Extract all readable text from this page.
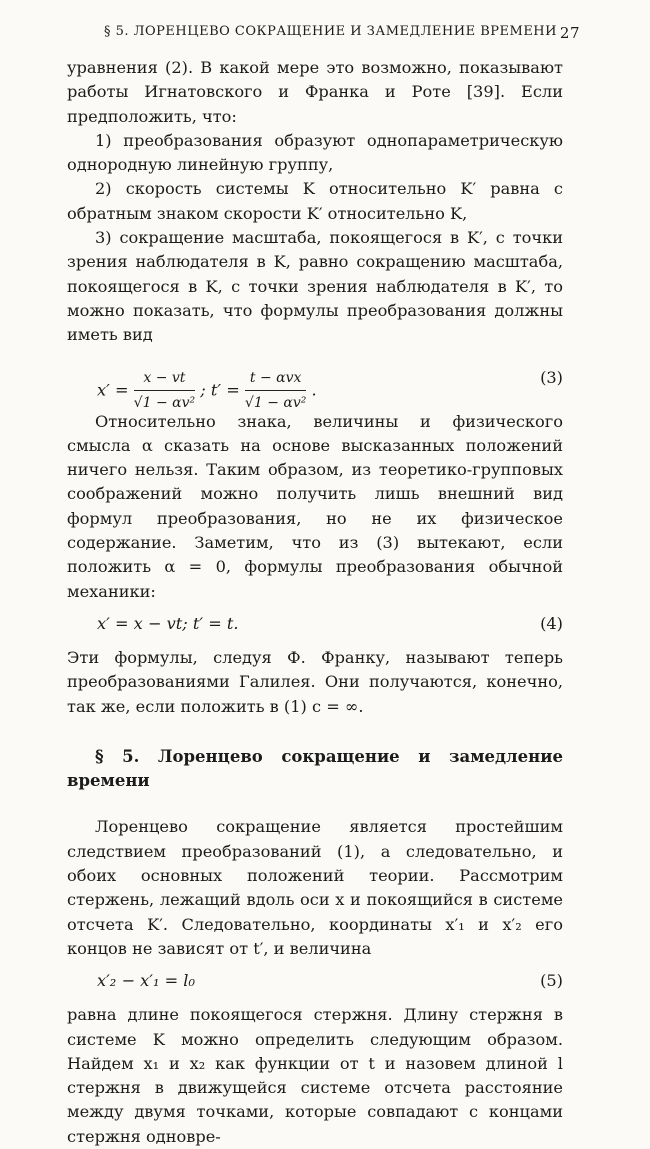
§ 5. ЛОРЕНЦЕВО СОКРАЩЕНИЕ И ЗАМЕДЛЕНИЕ ВРЕМЕНИ 27

уравнения (2). В какой мере это возможно, показывают работы Игнатовского и Франка и Роте [39]. Если предположить, что:

1) преобразования образуют однопараметрическую однородную линейную группу,

2) скорость системы K относительно K′ равна с обратным знаком скорости K′ относительно K,

3) сокращение масштаба, покоящегося в K′, с точки зрения наблюдателя в K, равно сокращению масштаба, покоящегося в K, с точки зрения наблюдателя в K′, то можно показать, что формулы преобразования должны иметь вид

$x' = \frac{x - vt}{\text{√1 − αv²}}$ ; $t' = \frac{\text{t − αvx}}{\text{√1 − αv²}}$ .
(3)

Относительно знака, величины и физического смысла α сказать на основе высказанных положений ничего нельзя. Таким образом, из теоретико-групповых соображений можно получить лишь внешний вид формул преобразования, но не их физическое содержание. Заметим, что из (3) вытекают, если положить α = 0, формулы преобразования обычной механики:

x′ = x − vt; t′ = t.	(4)

Эти формулы, следуя Ф. Франку, называют теперь преобразованиями Галилея. Они получаются, конечно, так же, если положить в (1) c = ∞.

§ 5. Лоренцево сокращение и замедление времени

Лоренцево сокращение является простейшим следствием преобразований (1), а следовательно, и обоих основных положений теории. Рассмотрим стержень, лежащий вдоль оси x и покоящийся в системе отсчета K′. Следовательно, координаты x′₁ и x′₂ его концов не зависят от t′, и величина

x′₂ − x′₁ = l₀	(5)

равна длине покоящегося стержня. Длину стержня в системе K можно определить следующим образом. Найдем x₁ и x₂ как функции от t и назовем длиной l стержня в движущейся системе отсчета расстояние между двумя точками, которые совпадают с концами стержня одновре-
